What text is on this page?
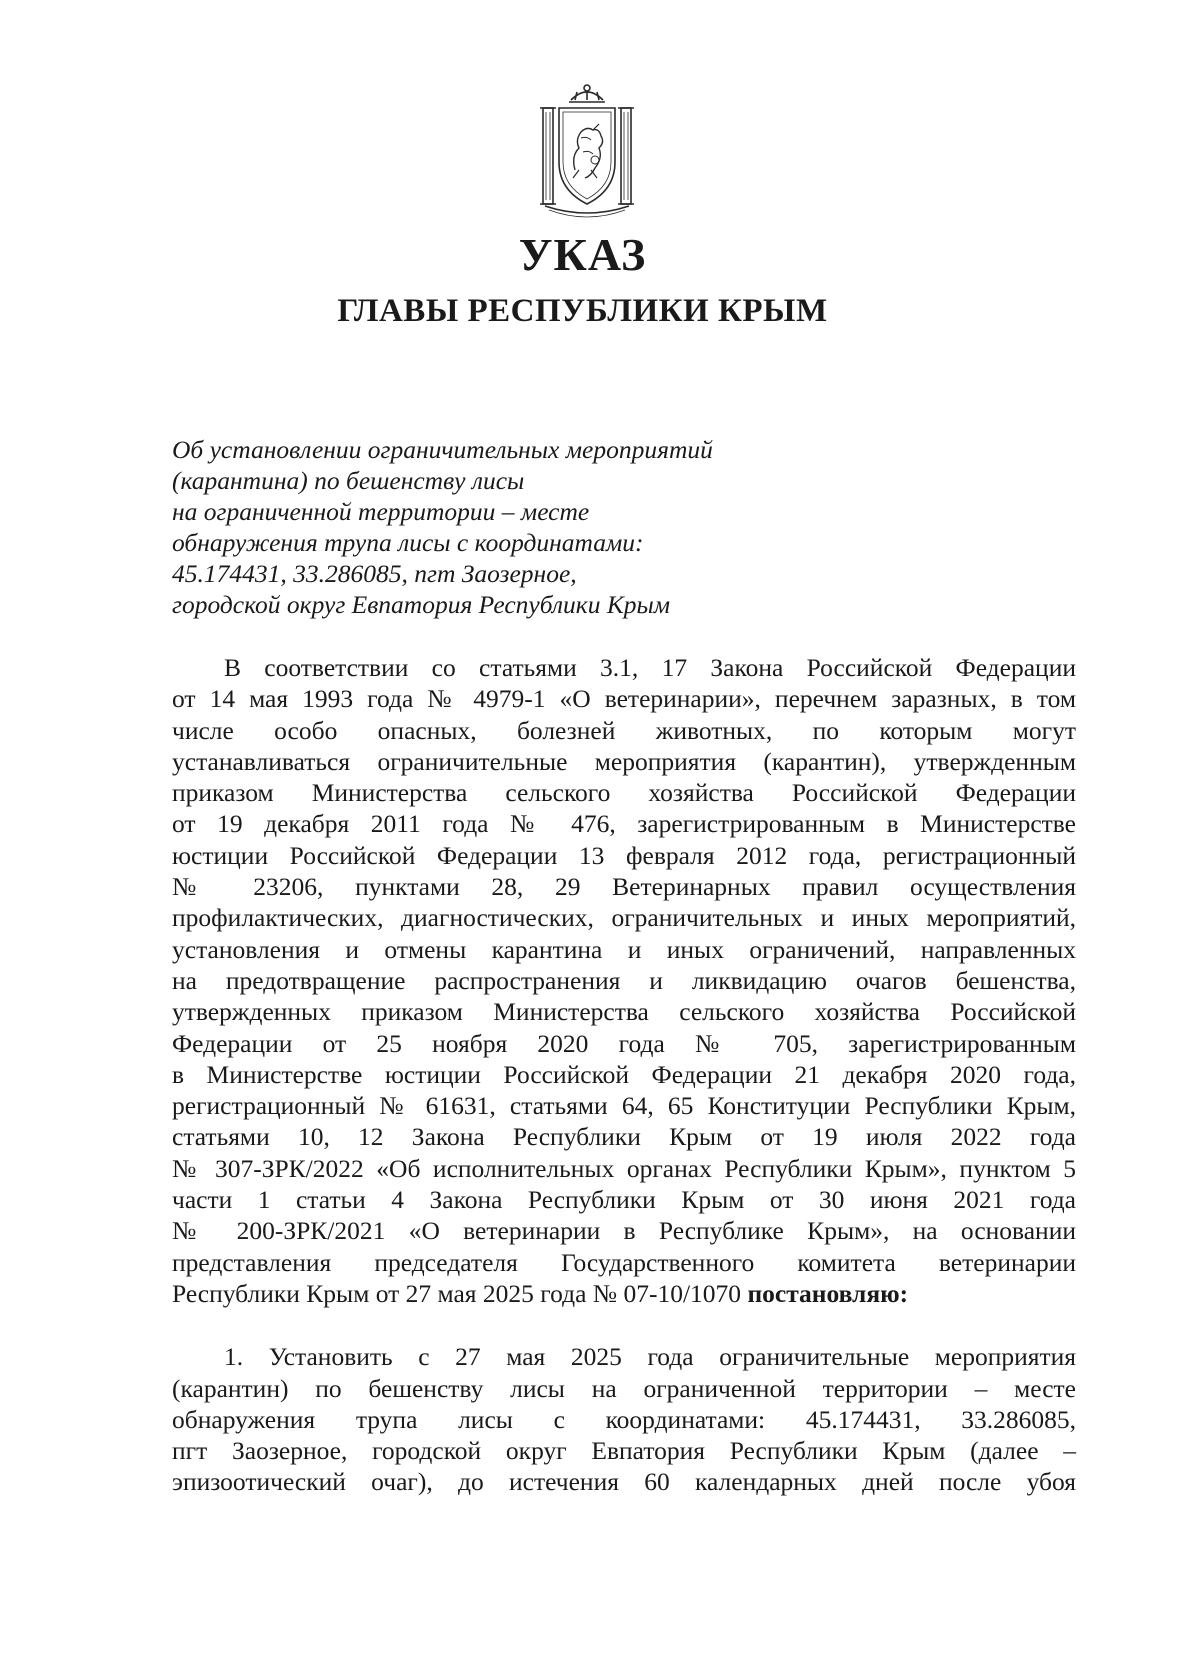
УКАЗ
ГЛАВЫ РЕСПУБЛИКИ КРЫМ
Об установлении ограничительных мероприятий
(карантина) по бешенству лисы
на ограниченной территории – месте
обнаружения трупа лисы с координатами:
45.174431, 33.286085, пгт Заозерное,
городской округ Евпатория Республики Крым
В соответствии со статьями 3.1, 17 Закона Российской Федерации
от 14 мая 1993 года № 4979-1 «О ветеринарии», перечнем заразных, в том
числе особо опасных, болезней животных, по которым могут
устанавливаться ограничительные мероприятия (карантин), утвержденным
приказом Министерства сельского хозяйства Российской Федерации
от 19 декабря 2011 года № 476, зарегистрированным в Министерстве
юстиции Российской Федерации 13 февраля 2012 года, регистрационный
№ 23206, пунктами 28, 29 Ветеринарных правил осуществления
профилактических, диагностических, ограничительных и иных мероприятий,
установления и отмены карантина и иных ограничений, направленных
на предотвращение распространения и ликвидацию очагов бешенства,
утвержденных приказом Министерства сельского хозяйства Российской
Федерации от 25 ноября 2020 года № 705, зарегистрированным
в Министерстве юстиции Российской Федерации 21 декабря 2020 года,
регистрационный № 61631, статьями 64, 65 Конституции Республики Крым,
статьями 10, 12 Закона Республики Крым от 19 июля 2022 года
№ 307-ЗРК/2022 «Об исполнительных органах Республики Крым», пунктом 5
части 1 статьи 4 Закона Республики Крым от 30 июня 2021 года
№ 200-ЗРК/2021 «О ветеринарии в Республике Крым», на основании
представления председателя Государственного комитета ветеринарии
Республики Крым от 27 мая 2025 года № 07-10/1070 постановляю:
1. Установить с 27 мая 2025 года ограничительные мероприятия
(карантин) по бешенству лисы на ограниченной территории – месте
обнаружения трупа лисы с координатами: 45.174431, 33.286085,
пгт Заозерное, городской округ Евпатория Республики Крым (далее –
эпизоотический очаг), до истечения 60 календарных дней после убоя
